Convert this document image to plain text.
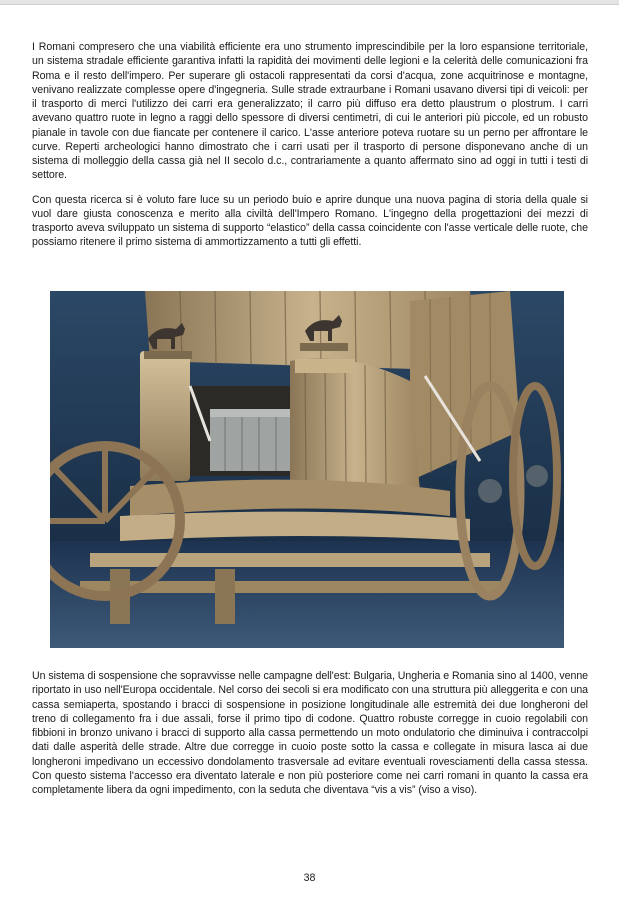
I Romani compresero che una viabilità efficiente era uno strumento imprescindibile per la loro espansione territoriale, un sistema stradale efficiente garantiva infatti la rapidità dei movimenti delle legioni e la celerità delle comunicazioni fra Roma e il resto dell'impero. Per superare gli ostacoli rappresentati da corsi d'acqua, zone acquitrinose e montagne, venivano realizzate complesse opere d'ingegneria. Sulle strade extraurbane i Romani usavano diversi tipi di veicoli: per il trasporto di merci l'utilizzo dei carri era generalizzato; il carro più diffuso era detto plaustrum o plostrum. I carri avevano quattro ruote in legno a raggi dello spessore di diversi centimetri, di cui le anteriori più piccole, ed un robusto pianale in tavole con due fiancate per contenere il carico. L'asse anteriore poteva ruotare su un perno per affrontare le curve. Reperti archeologici hanno dimostrato che i carri usati per il trasporto di persone disponevano anche di un sistema di molleggio della cassa già nel II secolo d.c., contrariamente a quanto affermato sino ad oggi in tutti i testi di settore.

Con questa ricerca si è voluto fare luce su un periodo buio e aprire dunque una nuova pagina di storia della quale si vuol dare giusta conoscenza e merito alla civiltà dell'Impero Romano. L'ingegno della progettazioni dei mezzi di trasporto aveva sviluppato un sistema di supporto “elastico” della cassa coincidente con l'asse verticale delle ruote, che possiamo ritenere il primo sistema di ammortizzamento a tutti gli effetti.

Un sistema di sospensione che sopravvisse nelle campagne dell'est: Bulgaria, Ungheria e Romania sino al 1400, venne riportato in uso nell'Europa occidentale. Nel corso dei secoli si era modificato con una struttura più alleggerita e con una cassa semiaperta, spostando i bracci di sospensione in posizione longitudinale alle estremità dei due longheroni del treno di collegamento fra i due assali, forse il primo tipo di codone. Quattro robuste corregge in cuoio regolabili con fibbioni in bronzo univano i bracci di supporto alla cassa permettendo un moto ondulatorio che diminuiva i contraccolpi dati dalle asperità delle strade. Altre due corregge in cuoio poste sotto la cassa e collegate in misura lasca ai due longheroni impedivano un eccessivo dondolamento trasversale ad evitare eventuali rovesciamenti della cassa stessa. Con questo sistema l'accesso era diventato laterale e non più posteriore come nei carri romani in quanto la cassa era completamente libera da ogni impedimento, con la seduta che diventava “vis a vis” (viso a viso).

38
